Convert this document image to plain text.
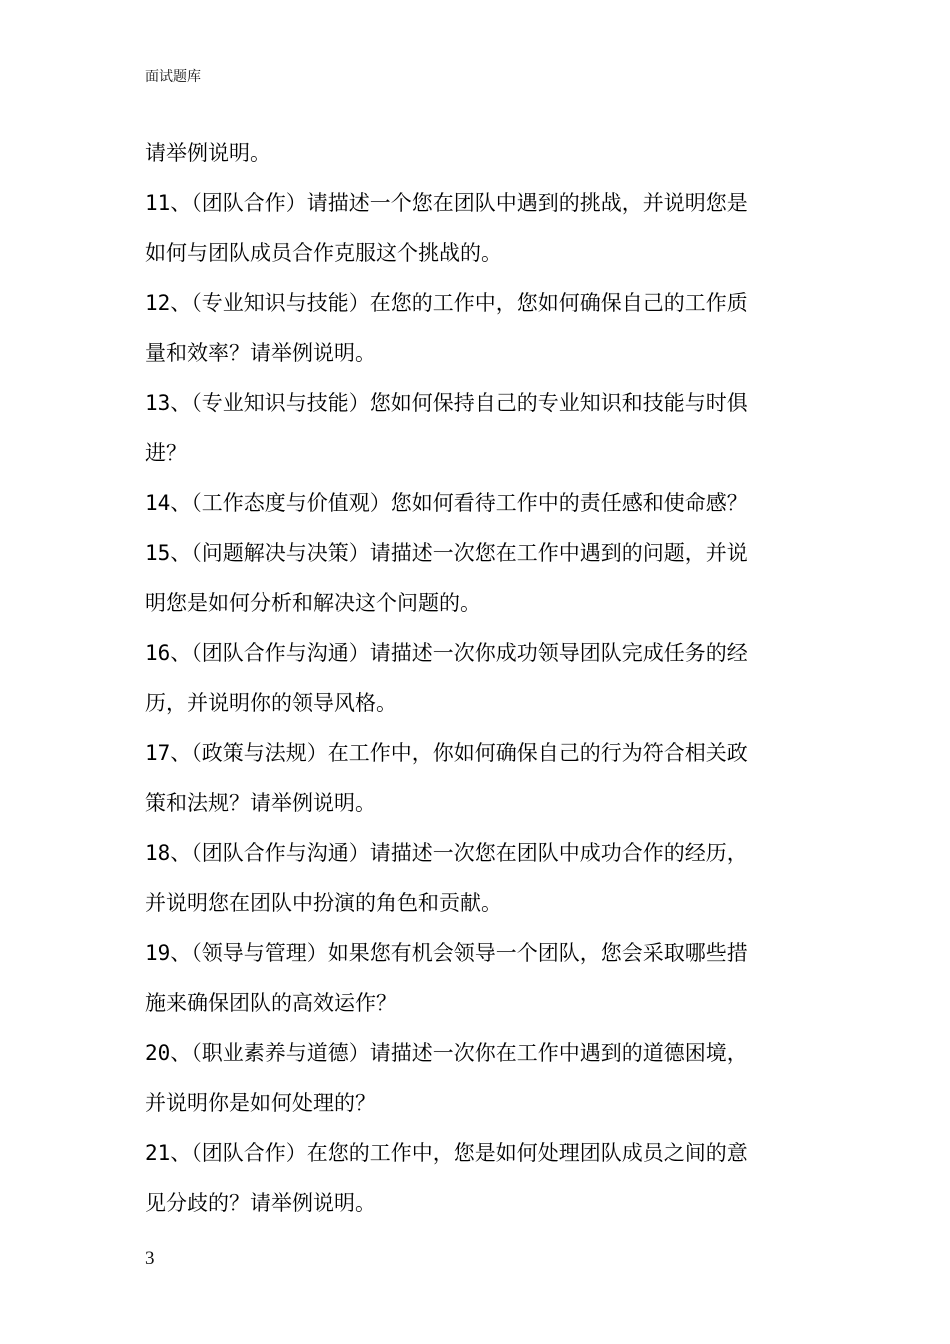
面试题库
请举例说明。
11、（团队合作）请描述一个您在团队中遇到的挑战，并说明您是
如何与团队成员合作克服这个挑战的。
12、（专业知识与技能）在您的工作中，您如何确保自己的工作质
量和效率？请举例说明。
13、（专业知识与技能）您如何保持自己的专业知识和技能与时俱
进？
14、（工作态度与价值观）您如何看待工作中的责任感和使命感？
15、（问题解决与决策）请描述一次您在工作中遇到的问题，并说
明您是如何分析和解决这个问题的。
16、（团队合作与沟通）请描述一次你成功领导团队完成任务的经
历，并说明你的领导风格。
17、（政策与法规）在工作中，你如何确保自己的行为符合相关政
策和法规？请举例说明。
18、（团队合作与沟通）请描述一次您在团队中成功合作的经历，
并说明您在团队中扮演的角色和贡献。
19、（领导与管理）如果您有机会领导一个团队，您会采取哪些措
施来确保团队的高效运作？
20、（职业素养与道德）请描述一次你在工作中遇到的道德困境，
并说明你是如何处理的？
21、（团队合作）在您的工作中，您是如何处理团队成员之间的意
见分歧的？请举例说明。
3
